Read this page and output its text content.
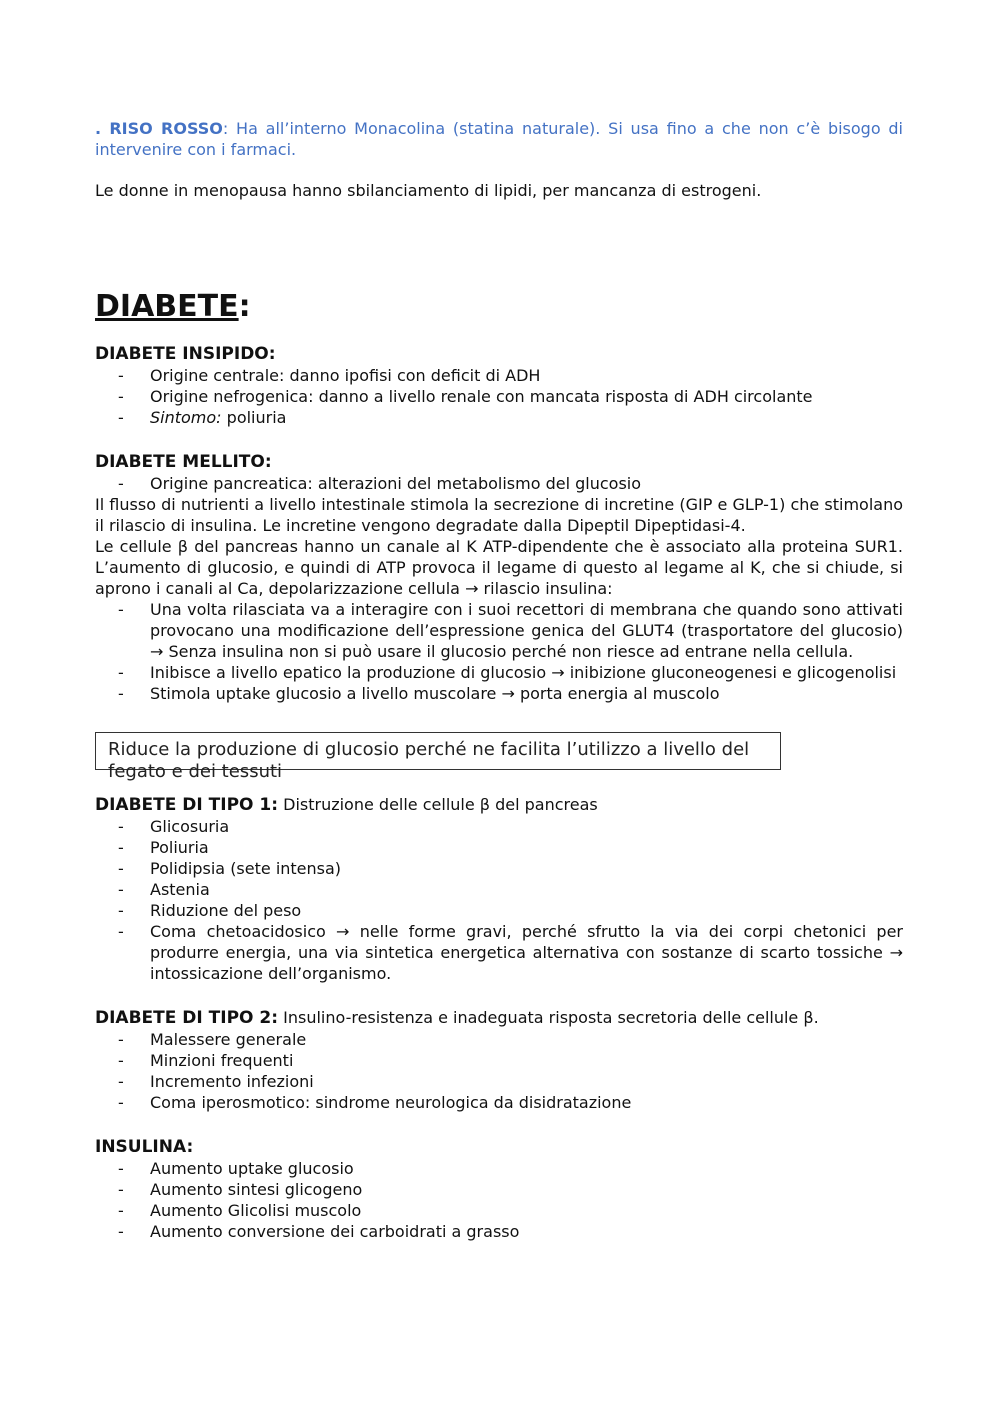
. RISO ROSSO: Ha all’interno Monacolina (statina naturale). Si usa fino a che non c’è bisogo di intervenire con i farmaci.

Le donne in menopausa hanno sbilanciamento di lipidi, per mancanza di estrogeni.

DIABETE:

DIABETE INSIPIDO:

- Origine centrale: danno ipofisi con deficit di ADH
- Origine nefrogenica: danno a livello renale con mancata risposta di ADH circolante
- Sintomo: poliuria

DIABETE MELLITO:

- Origine pancreatica: alterazioni del metabolismo del glucosio

Il flusso di nutrienti a livello intestinale stimola la secrezione di incretine (GIP e GLP-1) che stimolano il rilascio di insulina. Le incretine vengono degradate dalla Dipeptil Dipeptidasi-4.

Le cellule β del pancreas hanno un canale al K ATP-dipendente che è associato alla proteina SUR1. L’aumento di glucosio, e quindi di ATP provoca il legame di questo al legame al K, che si chiude, si aprono i canali al Ca, depolarizzazione cellula → rilascio insulina:

- Una volta rilasciata va a interagire con i suoi recettori di membrana che quando sono attivati provocano una modificazione dell’espressione genica del GLUT4 (trasportatore del glucosio) → Senza insulina non si può usare il glucosio perché non riesce ad entrane nella cellula.
- Inibisce a livello epatico la produzione di glucosio → inibizione gluconeogenesi e glicogenolisi
- Stimola uptake glucosio a livello muscolare → porta energia al muscolo
Riduce la produzione di glucosio perché ne facilita l’utilizzo a livello del fegato e dei tessuti

DIABETE DI TIPO 1: Distruzione delle cellule β del pancreas

- Glicosuria
- Poliuria
- Polidipsia (sete intensa)
- Astenia
- Riduzione del peso
- Coma chetoacidosico → nelle forme gravi, perché sfrutto la via dei corpi chetonici per produrre energia, una via sintetica energetica alternativa con sostanze di scarto tossiche → intossicazione dell’organismo.

DIABETE DI TIPO 2: Insulino-resistenza e inadeguata risposta secretoria delle cellule β.

- Malessere generale
- Minzioni frequenti
- Incremento infezioni
- Coma iperosmotico: sindrome neurologica da disidratazione

INSULINA:

- Aumento uptake glucosio
- Aumento sintesi glicogeno
- Aumento Glicolisi muscolo
- Aumento conversione dei carboidrati a grasso
